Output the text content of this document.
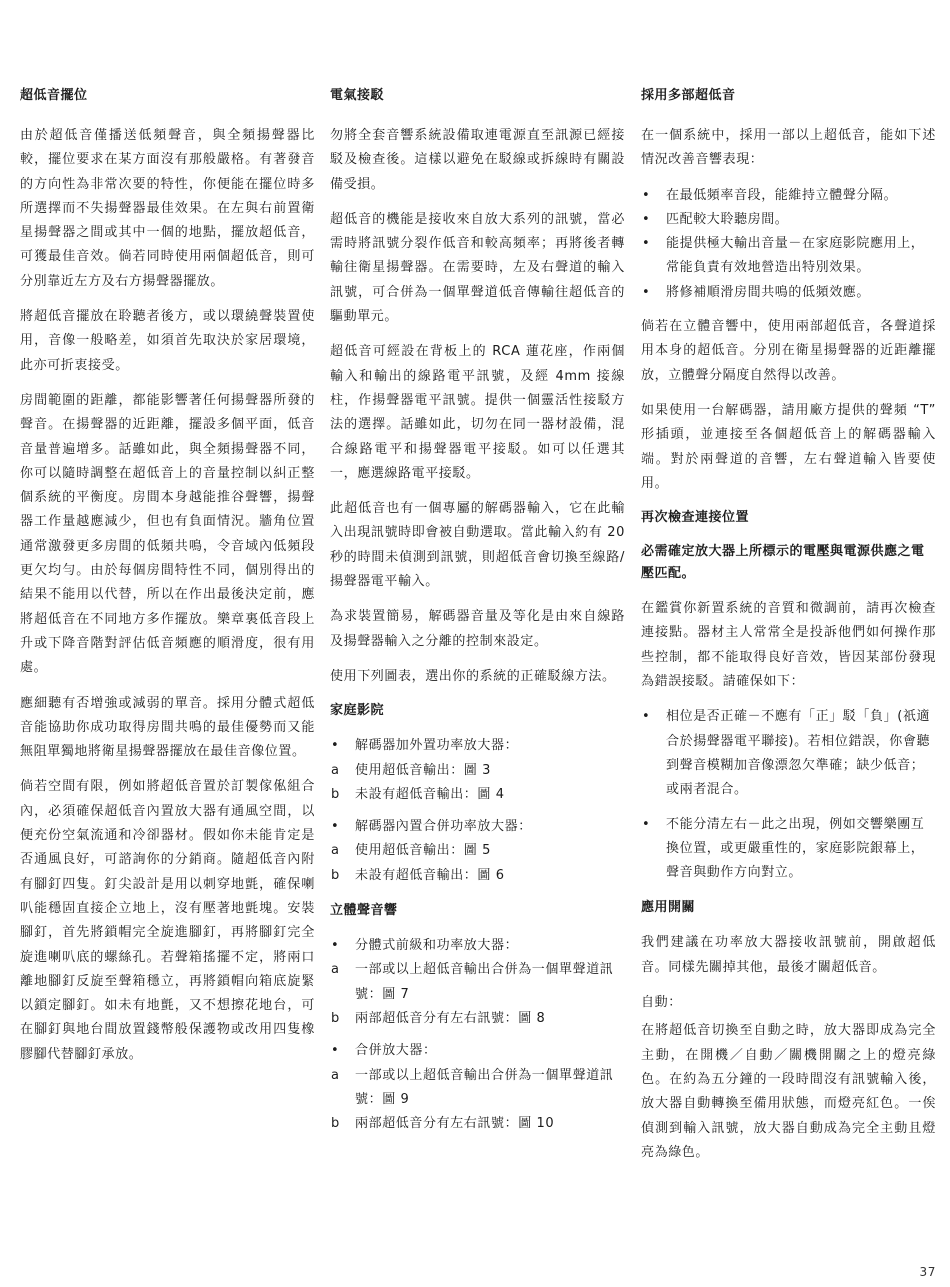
超低音擺位

由於超低音僅播送低頻聲音，與全頻揚聲器比較，擺位要求在某方面沒有那般嚴格。有著發音的方向性為非常次要的特性，你便能在擺位時多所選擇而不失揚聲器最佳效果。在左與右前置衛星揚聲器之間或其中一個的地點，擺放超低音，可獲最佳音效。倘若同時使用兩個超低音，則可分別靠近左方及右方揚聲器擺放。

將超低音擺放在聆聽者後方，或以環繞聲裝置使用，音像一般略差，如須首先取決於家居環境，此亦可折衷接受。

房間範圍的距離，都能影響著任何揚聲器所發的聲音。在揚聲器的近距離，擺設多個平面，低音音量普遍增多。話雖如此，與全頻揚聲器不同，你可以隨時調整在超低音上的音量控制以糾正整個系統的平衡度。房間本身越能推谷聲響，揚聲器工作量越應減少，但也有負面情況。牆角位置通常激發更多房間的低頻共鳴，令音域內低頻段更欠均勻。由於每個房間特性不同，個別得出的結果不能用以代替，所以在作出最後決定前，應將超低音在不同地方多作擺放。樂章裏低音段上升或下降音階對評估低音頻應的順滑度，很有用處。

應細聽有否增強或減弱的單音。採用分體式超低音能協助你成功取得房間共鳴的最佳優勢而又能無阻單獨地將衛星揚聲器擺放在最佳音像位置。

倘若空間有限，例如將超低音置於訂製傢俬組合內，必須確保超低音內置放大器有通風空間，以便充份空氣流通和冷卻器材。假如你未能肯定是否通風良好，可諮詢你的分銷商。隨超低音內附有腳釘四隻。釘尖設計是用以刺穿地氈，確保喇叭能穩固直接企立地上，沒有壓著地氈塊。安裝腳釘，首先將鎖帽完全旋進腳釘，再將腳釘完全旋進喇叭底的螺絲孔。若聲箱搖擺不定，將兩口離地腳釘反旋至聲箱穩立，再將鎖帽向箱底旋緊以鎖定腳釘。如未有地氈，又不想擦花地台，可在腳釘與地台間放置錢幣般保護物或改用四隻橡膠腳代替腳釘承放。

電氣接駁

勿將全套音響系統設備取連電源直至訊源已經接駁及檢查後。這樣以避免在駁線或拆線時有關設備受損。

超低音的機能是接收來自放大系列的訊號，當必需時將訊號分裂作低音和較高頻率；再將後者轉輸往衛星揚聲器。在需要時，左及右聲道的輸入訊號，可合併為一個單聲道低音傳輸往超低音的驅動單元。

超低音可經設在背板上的 RCA 蓮花座，作兩個輸入和輸出的線路電平訊號，及經 4mm 接線柱，作揚聲器電平訊號。提供一個靈活性接駁方法的選擇。話雖如此，切勿在同一器材設備，混合線路電平和揚聲器電平接駁。如可以任選其一，應選線路電平接駁。

此超低音也有一個專屬的解碼器輸入，它在此輸入出現訊號時即會被自動選取。當此輸入約有 20 秒的時間未偵測到訊號，則超低音會切換至線路/揚聲器電平輸入。

為求裝置簡易，解碼器音量及等化是由來自線路及揚聲器輸入之分離的控制來設定。

使用下列圖表，選出你的系統的正確駁線方法。

家庭影院
• 解碼器加外置功率放大器：
a 使用超低音輸出：圖 3
b 未設有超低音輸出：圖 4
• 解碼器內置合併功率放大器：
a 使用超低音輸出：圖 5
b 未設有超低音輸出：圖 6
立體聲音響
• 分體式前級和功率放大器：
a 一部或以上超低音輸出合併為一個單聲道訊號：圖 7
b 兩部超低音分有左右訊號：圖 8
• 合併放大器：
a 一部或以上超低音輸出合併為一個單聲道訊號：圖 9
b 兩部超低音分有左右訊號：圖 10
採用多部超低音

在一個系統中，採用一部以上超低音，能如下述情況改善音響表現：

• 在最低頻率音段，能維持立體聲分隔。
• 匹配較大聆聽房間。
• 能提供極大輸出音量－在家庭影院應用上，常能負責有效地營造出特別效果。
• 將修補順滑房間共鳴的低頻效應。

倘若在立體音響中，使用兩部超低音，各聲道採用本身的超低音。分別在衛星揚聲器的近距離擺放，立體聲分隔度自然得以改善。

如果使用一台解碼器，請用廠方提供的聲頻 “T” 形插頭，並連接至各個超低音上的解碼器輸入端。對於兩聲道的音響，左右聲道輸入皆要使用。

再次檢查連接位置
必需確定放大器上所標示的電壓與電源供應之電壓匹配。

在鑑賞你新置系統的音質和微調前，請再次檢查連接點。器材主人常常全是投訴他們如何操作那些控制，都不能取得良好音效，皆因某部份發現為錯誤接駁。請確保如下：

• 相位是否正確－不應有「正」駁「負」(祇適合於揚聲器電平聯接)。若相位錯誤，你會聽到聲音模糊加音像漂忽欠準確；缺少低音；或兩者混合。
• 不能分清左右－此之出現，例如交響樂團互換位置，或更嚴重性的，家庭影院銀幕上，聲音與動作方向對立。
應用開關

我們建議在功率放大器接收訊號前，開啟超低音。同樣先關掉其他，最後才關超低音。

自動：

在將超低音切換至自動之時，放大器即成為完全主動，在開機／自動／關機開關之上的燈亮綠色。在約為五分鐘的一段時間沒有訊號輸入後，放大器自動轉換至備用狀態，而燈亮紅色。一俟偵測到輸入訊號，放大器自動成為完全主動且燈亮為綠色。

37
